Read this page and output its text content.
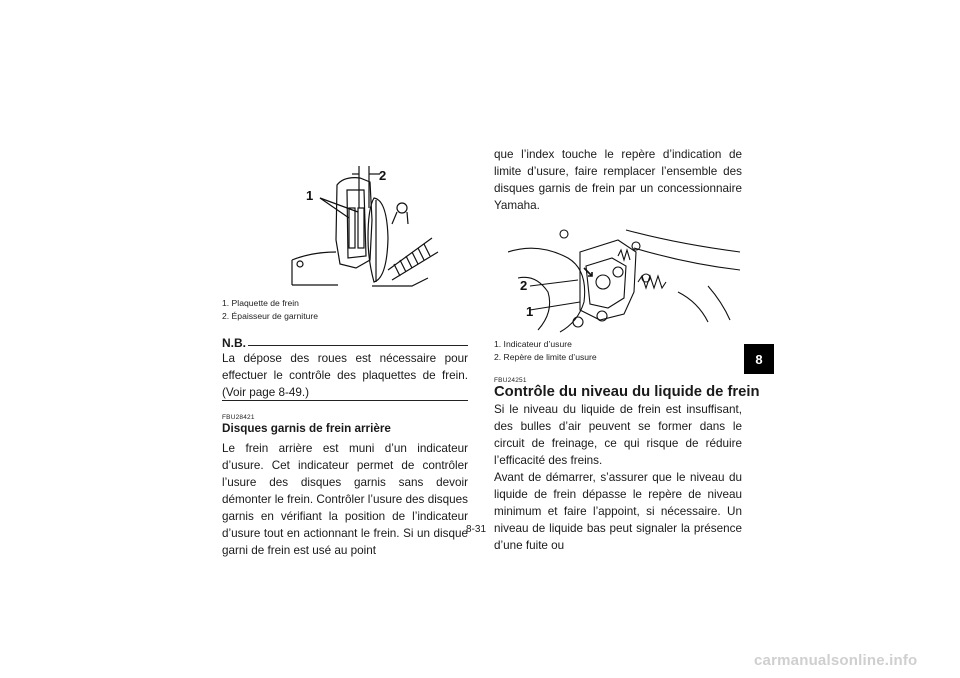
1
2
1. Plaquette de frein
2. Épaisseur de garniture
N.B.
La dépose des roues est nécessaire pour effectuer le contrôle des plaquettes de frein. (Voir page 8-49.)
FBU28421
Disques garnis de frein arrière
Le frein arrière est muni d’un indicateur d’usure. Cet indicateur permet de contrôler l’usure des disques garnis sans devoir démonter le frein. Contrôler l’usure des disques garnis en vérifiant la position de l’indicateur d’usure tout en actionnant le frein. Si un disque garni de frein est usé au point
que l’index touche le repère d’indication de limite d’usure, faire remplacer l’ensemble des disques garnis de frein par un concessionnaire Yamaha.
2
1
1. Indicateur d’usure
2. Repère de limite d’usure
FBU24251
Contrôle du niveau du liquide de frein
Si le niveau du liquide de frein est insuffisant, des bulles d’air peuvent se former dans le circuit de freinage, ce qui risque de réduire l’efficacité des freins.
Avant de démarrer, s’assurer que le niveau du liquide de frein dépasse le repère de niveau minimum et faire l’appoint, si nécessaire. Un niveau de liquide bas peut signaler la présence d’une fuite ou
8
8-31
carmanualsonline.info
